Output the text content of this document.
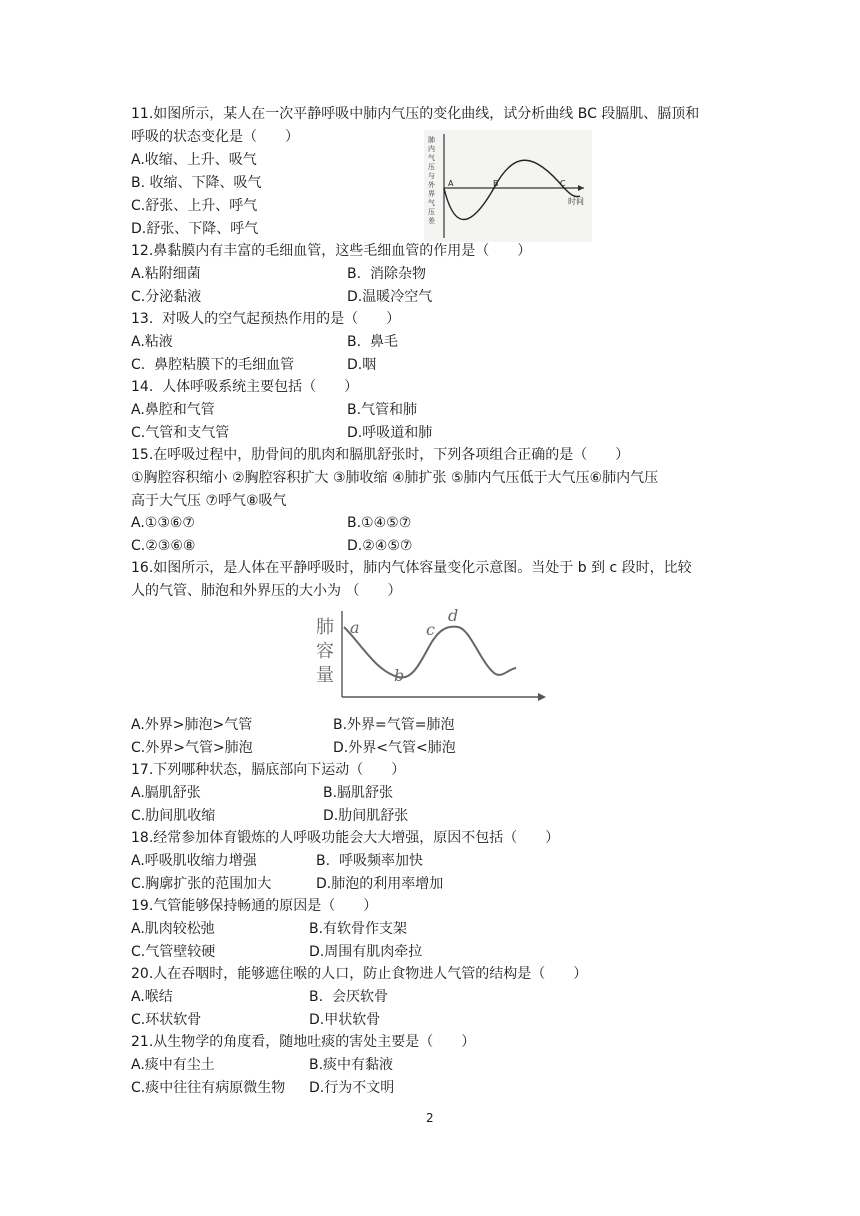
11.如图所示，某人在一次平静呼吸中肺内气压的变化曲线，试分析曲线 BC 段膈肌、膈顶和
呼吸的状态变化是（　　）
A.收缩、上升、吸气
B. 收缩、下降、吸气
C.舒张、上升、呼气
D.舒张、下降、呼气
肺内气压与外界气压差
A	B	C
时间
12.鼻黏膜内有丰富的毛细血管，这些毛细血管的作用是（　　）
A.粘附细菌	B.  消除杂物
C.分泌黏液	D.温暖冷空气
13.  对吸人的空气起预热作用的是（　　）
A.粘液	B.  鼻毛
C.  鼻腔粘膜下的毛细血管	D.咽
14.  人体呼吸系统主要包括（　　）
A.鼻腔和气管	B.气管和肺
C.气管和支气管	D.呼吸道和肺
15.在呼吸过程中，肋骨间的肌肉和膈肌舒张时，下列各项组合正确的是（　　）
①胸腔容积缩小 ②胸腔容积扩大 ③肺收缩 ④肺扩张 ⑤肺内气压低于大气压⑥肺内气压
高于大气压 ⑦呼气⑧吸气
A.①③⑥⑦	B.①④⑤⑦
C.②③⑥⑧	D.②④⑤⑦
16.如图所示，是人体在平静呼吸时，肺内气体容量变化示意图。当处于 b 到 c 段时，比较
人的气管、肺泡和外界压的大小为 （　　）
肺 容 量
a
b
c
d
A.外界>肺泡>气管	B.外界=气管=肺泡
C.外界>气管>肺泡	D.外界<气管<肺泡
17.下列哪种状态，膈底部向下运动（　　）
A.膈肌舒张	B.膈肌舒张
C.肋间肌收缩	D.肋间肌舒张
18.经常参加体育锻炼的人呼吸功能会大大增强，原因不包括（　　）
A.呼吸肌收缩力增强	B.  呼吸频率加快
C.胸廓扩张的范围加大	D.肺泡的利用率增加
19.气管能够保持畅通的原因是（　　）
A.肌肉较松弛	B.有软骨作支架
C.气管壁较硬	D.周围有肌肉牵拉
20.人在吞咽时，能够遮住喉的人口，防止食物进人气管的结构是（　　）
A.喉结	B.  会厌软骨
C.环状软骨	D.甲状软骨
21.从生物学的角度看，随地吐痰的害处主要是（　　）
A.痰中有尘土	B.痰中有黏液
C.痰中往往有病原微生物 D.行为不文明
2
